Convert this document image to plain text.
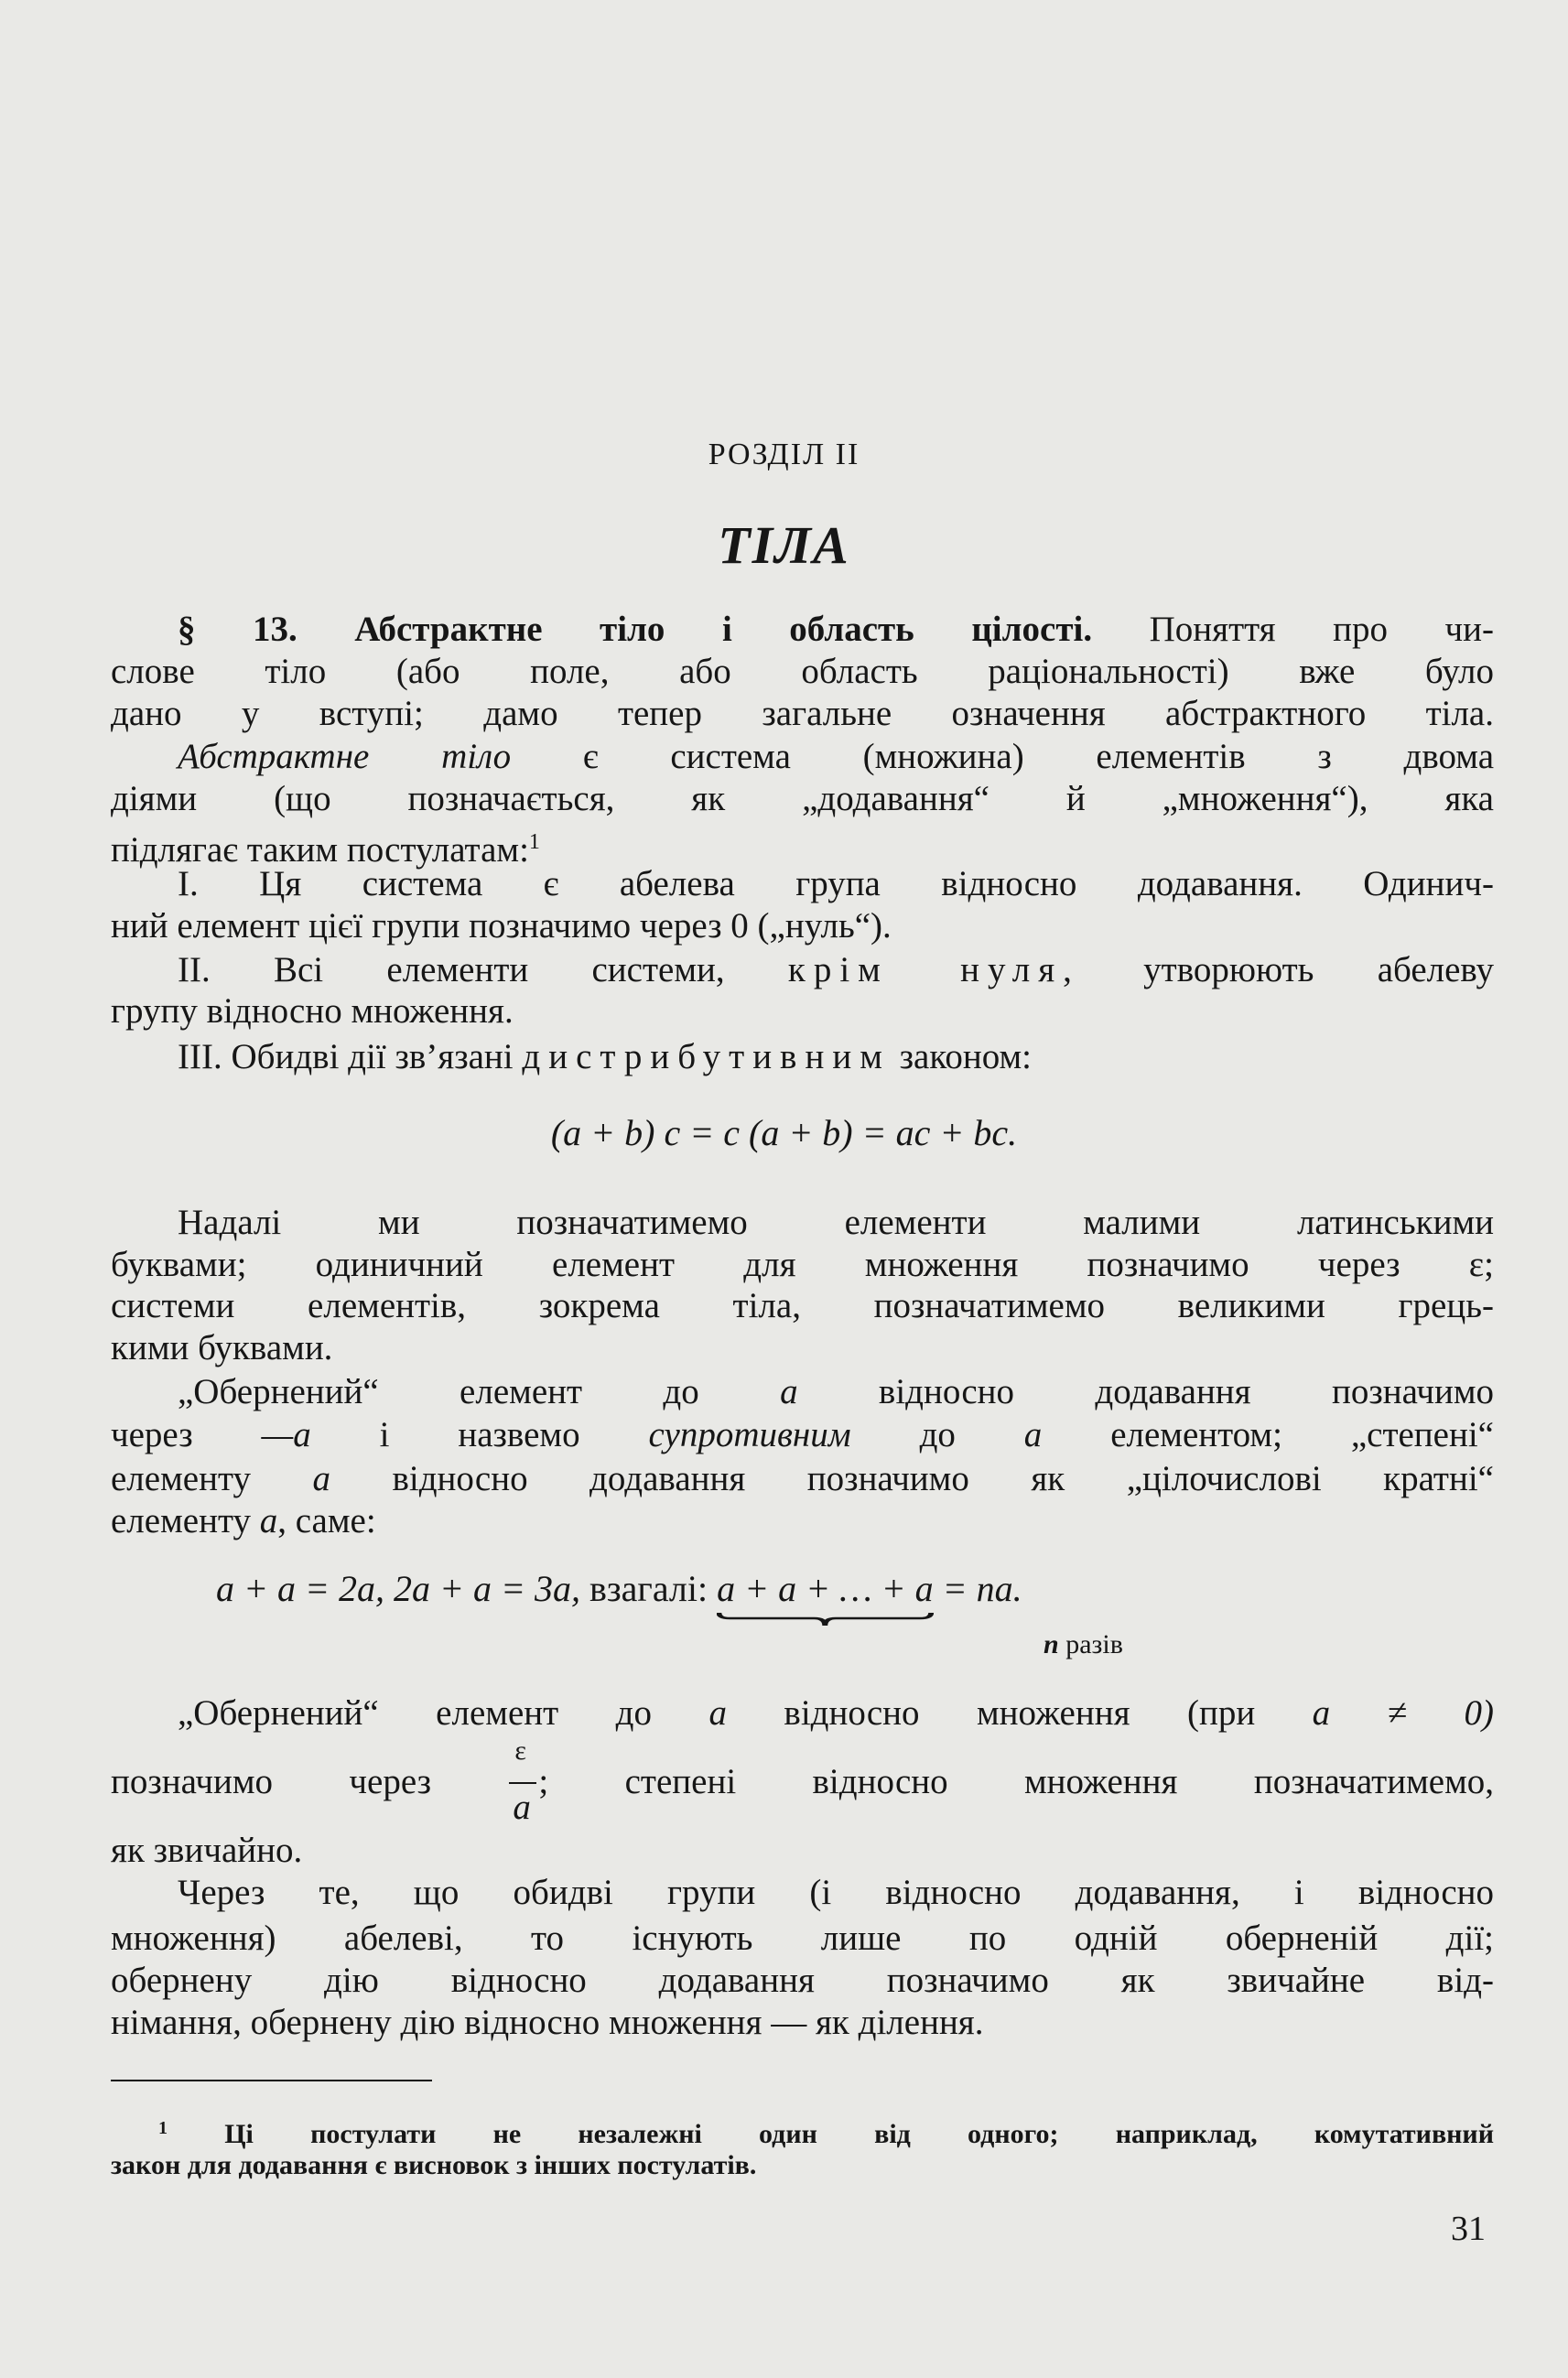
РОЗДІЛ II
ТІЛА
§ 13. Абстрактне тіло і область цілості. Поняття про чи-
слове тіло (або поле, або область раціональності) вже було
дано у вступі; дамо тепер загальне означення абстрактного тіла.
Абстрактне тіло є система (множина) елементів з двома
діями (що позначається, як „додавання“ й „множення“), яка
підлягає таким постулатам:$^1$
I. Ця система є абелева група відносно додавання. Одинич-
ний елемент цієї групи позначимо через 0 („нуль“).
II. Всі елементи системи, крім нуля, утворюють абелеву
групу відносно множення.
III. Обидві дії зв’язані дистрибутивним законом:
(a + b) c = c (a + b) = ac + bc.
Надалі ми позначатимемо елементи малими латинськими
буквами; одиничний елемент для множення позначимо через ε;
системи елементів, зокрема тіла, позначатимемо великими грець-
кими буквами.
„Обернений“ елемент до a відносно додавання позначимо
через —a і назвемо супротивним до a елементом; „степені“
елементу a відносно додавання позначимо як „цілочислові кратні“
елементу a, саме:
a + a = 2a, 2a + a = 3a, взагалі: a + a + … + a = na.
n разів
„Обернений“ елемент до a відносно множення (при a ≠ 0)
позначимо через
ε
a
; степені відносно множення позначатимемо,
як звичайно.
Через те, що обидві групи (і відносно додавання, і відносно
множення) абелеві, то існують лише по одній оберненій дії;
обернену дію відносно додавання позначимо як звичайне від-
німання, обернену дію відносно множення — як ділення.
$^1$ Ці постулати не незалежні один від одного; наприклад, комутативний
закон для додавання є висновок з інших постулатів.
31
